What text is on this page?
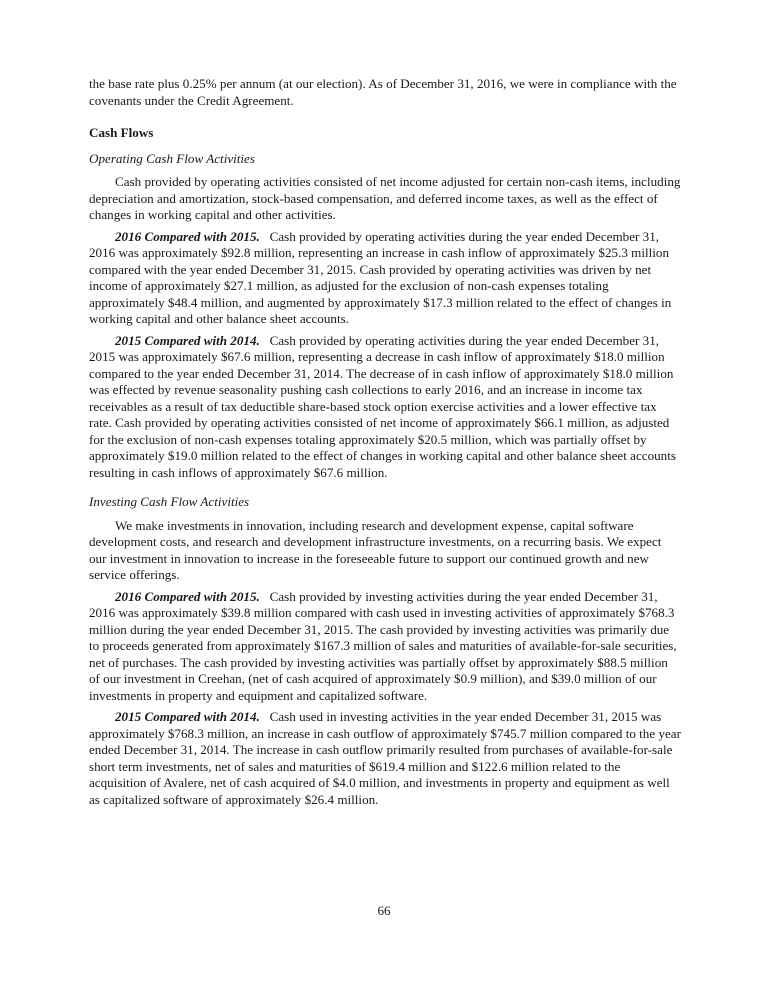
the base rate plus 0.25% per annum (at our election). As of December 31, 2016, we were in compliance with the covenants under the Credit Agreement.

Cash Flows

Operating Cash Flow Activities

Cash provided by operating activities consisted of net income adjusted for certain non-cash items, including depreciation and amortization, stock-based compensation, and deferred income taxes, as well as the effect of changes in working capital and other activities.

2016 Compared with 2015. Cash provided by operating activities during the year ended December 31, 2016 was approximately $92.8 million, representing an increase in cash inflow of approximately $25.3 million compared with the year ended December 31, 2015. Cash provided by operating activities was driven by net income of approximately $27.1 million, as adjusted for the exclusion of non-cash expenses totaling approximately $48.4 million, and augmented by approximately $17.3 million related to the effect of changes in working capital and other balance sheet accounts.

2015 Compared with 2014. Cash provided by operating activities during the year ended December 31, 2015 was approximately $67.6 million, representing a decrease in cash inflow of approximately $18.0 million compared to the year ended December 31, 2014. The decrease of in cash inflow of approximately $18.0 million was effected by revenue seasonality pushing cash collections to early 2016, and an increase in income tax receivables as a result of tax deductible share-based stock option exercise activities and a lower effective tax rate. Cash provided by operating activities consisted of net income of approximately $66.1 million, as adjusted for the exclusion of non-cash expenses totaling approximately $20.5 million, which was partially offset by approximately $19.0 million related to the effect of changes in working capital and other balance sheet accounts resulting in cash inflows of approximately $67.6 million.

Investing Cash Flow Activities

We make investments in innovation, including research and development expense, capital software development costs, and research and development infrastructure investments, on a recurring basis. We expect our investment in innovation to increase in the foreseeable future to support our continued growth and new service offerings.

2016 Compared with 2015. Cash provided by investing activities during the year ended December 31, 2016 was approximately $39.8 million compared with cash used in investing activities of approximately $768.3 million during the year ended December 31, 2015. The cash provided by investing activities was primarily due to proceeds generated from approximately $167.3 million of sales and maturities of available-for-sale securities, net of purchases. The cash provided by investing activities was partially offset by approximately $88.5 million of our investment in Creehan, (net of cash acquired of approximately $0.9 million), and $39.0 million of our investments in property and equipment and capitalized software.

2015 Compared with 2014. Cash used in investing activities in the year ended December 31, 2015 was approximately $768.3 million, an increase in cash outflow of approximately $745.7 million compared to the year ended December 31, 2014. The increase in cash outflow primarily resulted from purchases of available-for-sale short term investments, net of sales and maturities of $619.4 million and $122.6 million related to the acquisition of Avalere, net of cash acquired of $4.0 million, and investments in property and equipment as well as capitalized software of approximately $26.4 million.

66
